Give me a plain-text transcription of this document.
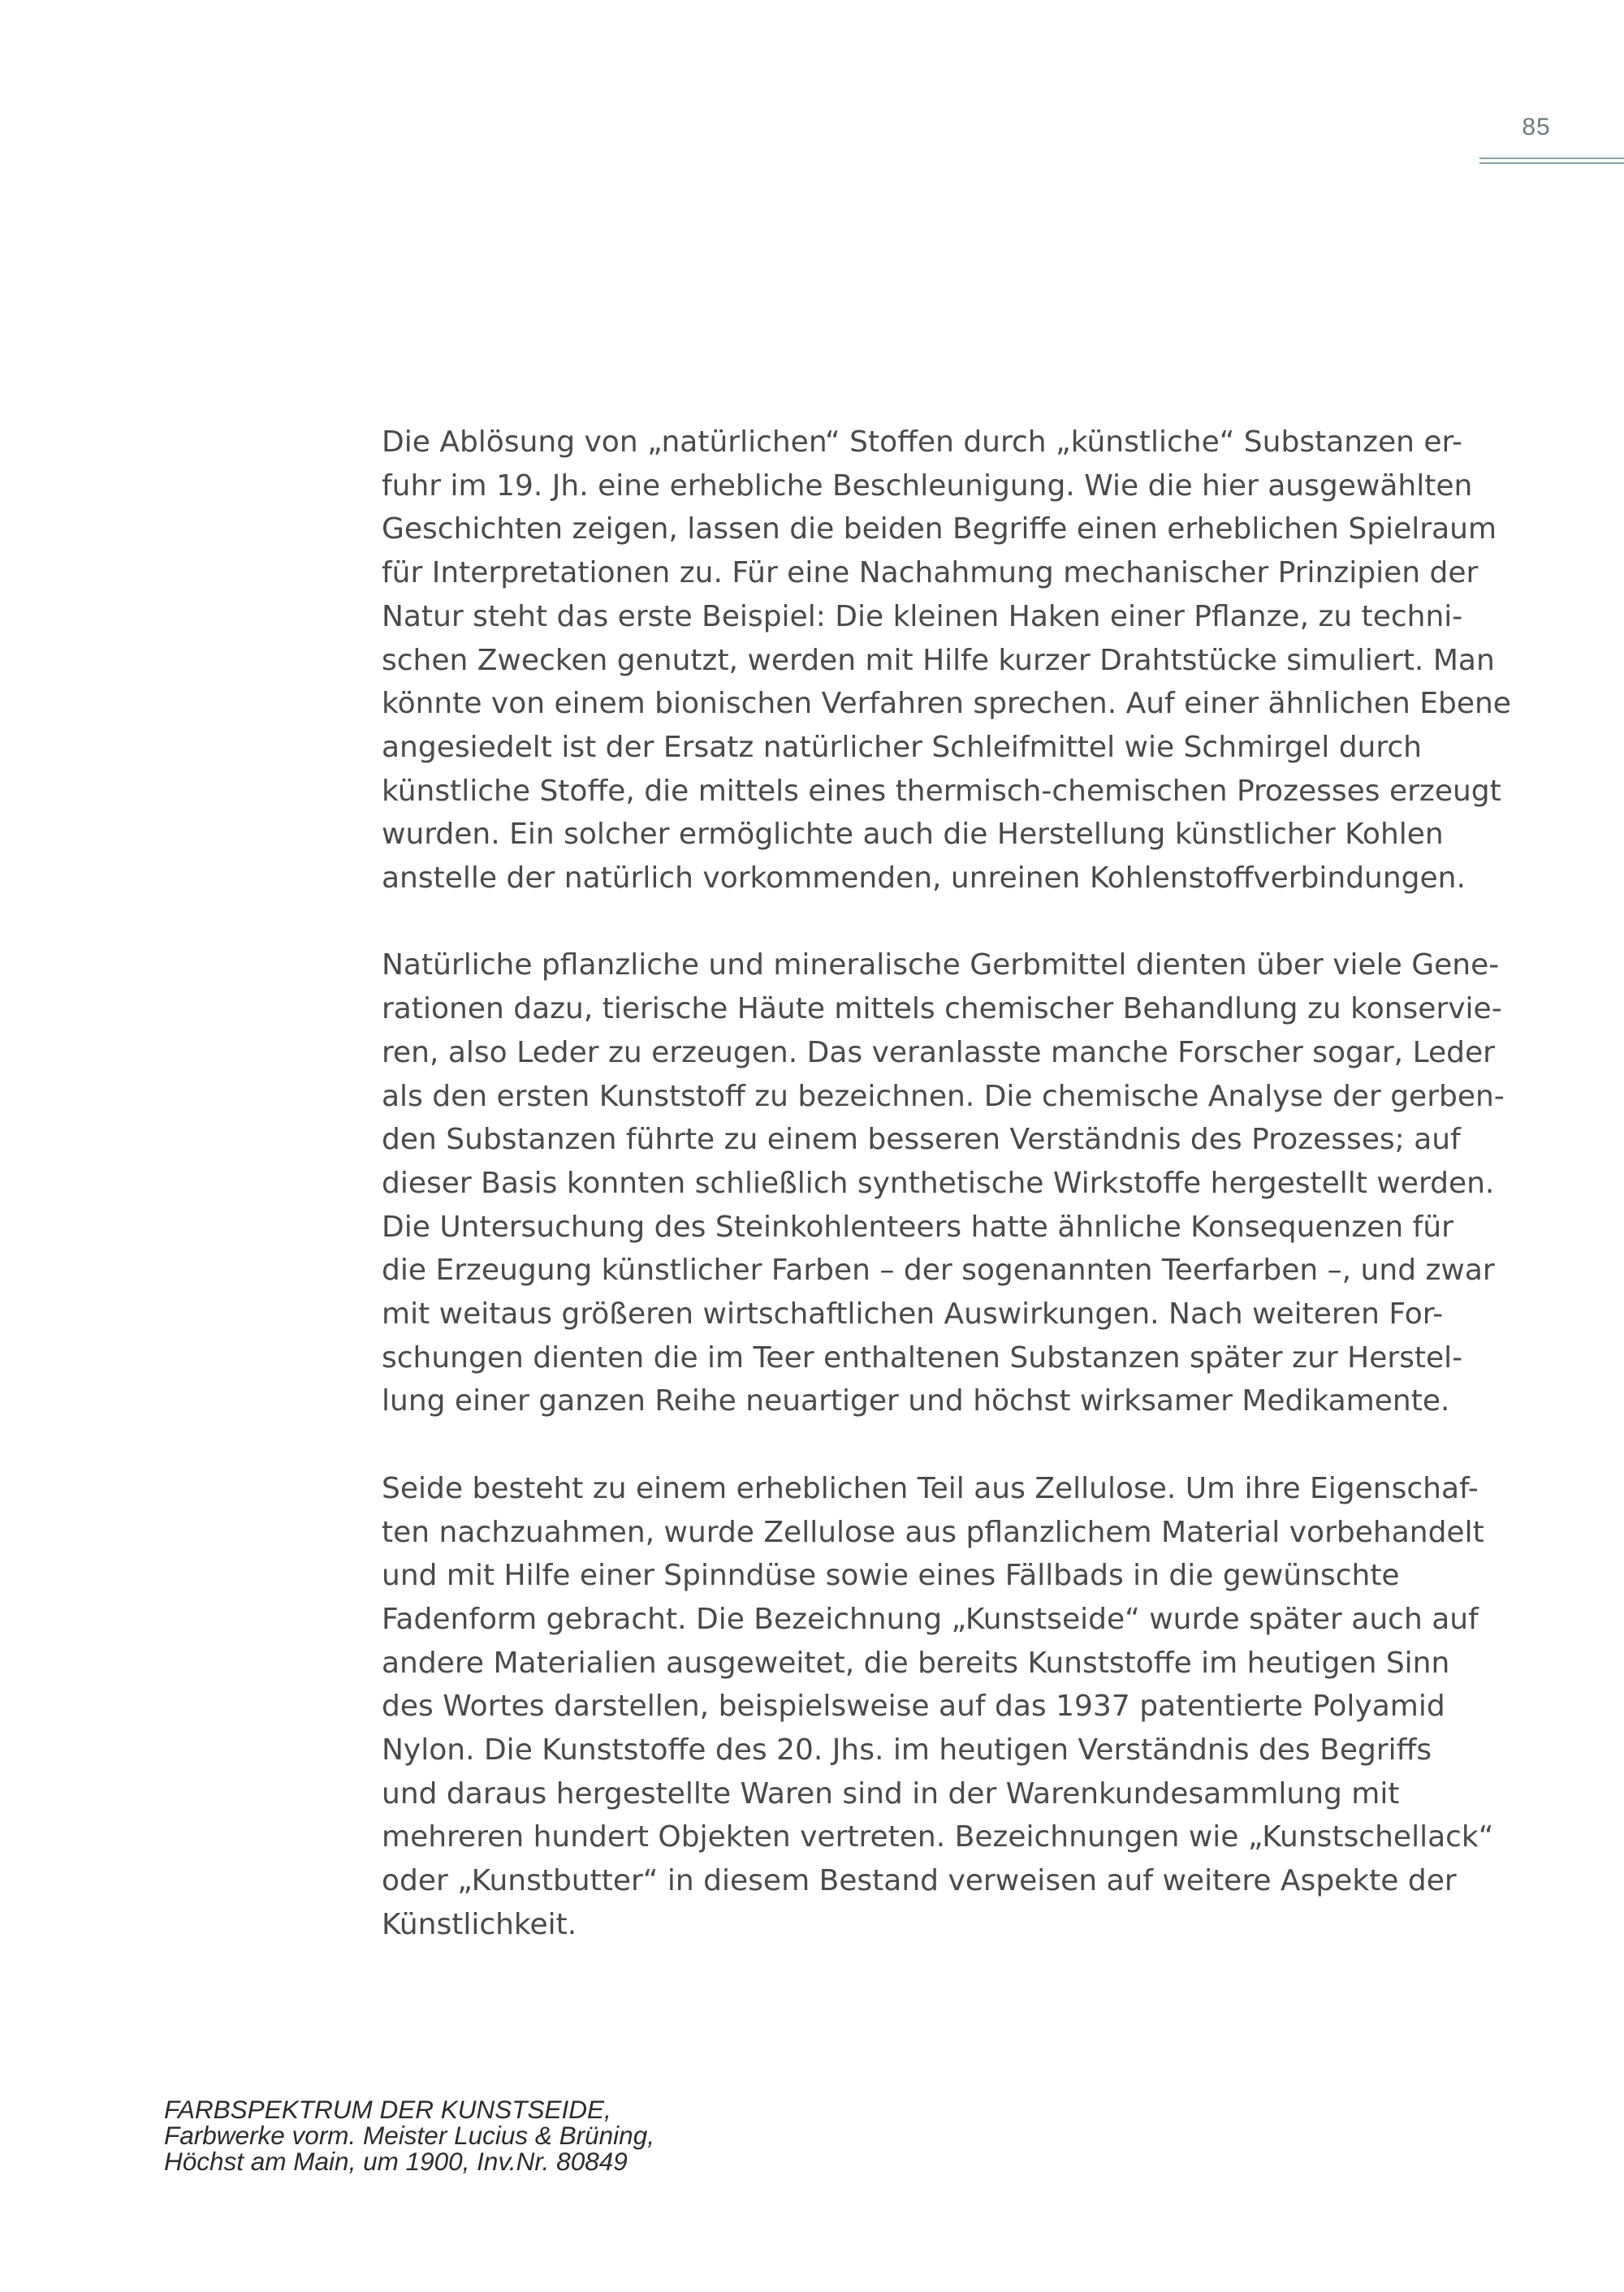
85
Die Ablösung von „natürlichen“ Stoffen durch „künstliche“ Substanzen er-
fuhr im 19. Jh. eine erhebliche Beschleunigung. Wie die hier ausgewählten
Geschichten zeigen, lassen die beiden Begriffe einen erheblichen Spielraum
für Interpretationen zu. Für eine Nachahmung mechanischer Prinzipien der
Natur steht das erste Beispiel: Die kleinen Haken einer Pflanze, zu techni-
schen Zwecken genutzt, werden mit Hilfe kurzer Drahtstücke simuliert. Man
könnte von einem bionischen Verfahren sprechen. Auf einer ähnlichen Ebene
angesiedelt ist der Ersatz natürlicher Schleifmittel wie Schmirgel durch
künstliche Stoffe, die mittels eines thermisch-chemischen Prozesses erzeugt
wurden. Ein solcher ermöglichte auch die Herstellung künstlicher Kohlen
anstelle der natürlich vorkommenden, unreinen Kohlenstoffverbindungen.
Natürliche pflanzliche und mineralische Gerbmittel dienten über viele Gene-
rationen dazu, tierische Häute mittels chemischer Behandlung zu konservie-
ren, also Leder zu erzeugen. Das veranlasste manche Forscher sogar, Leder
als den ersten Kunststoff zu bezeichnen. Die chemische Analyse der gerben-
den Substanzen führte zu einem besseren Verständnis des Prozesses; auf
dieser Basis konnten schließlich synthetische Wirkstoffe hergestellt werden.
Die Untersuchung des Steinkohlenteers hatte ähnliche Konsequenzen für
die Erzeugung künstlicher Farben – der sogenannten Teerfarben –, und zwar
mit weitaus größeren wirtschaftlichen Auswirkungen. Nach weiteren For-
schungen dienten die im Teer enthaltenen Substanzen später zur Herstel-
lung einer ganzen Reihe neuartiger und höchst wirksamer Medikamente.
Seide besteht zu einem erheblichen Teil aus Zellulose. Um ihre Eigenschaf-
ten nachzuahmen, wurde Zellulose aus pflanzlichem Material vorbehandelt
und mit Hilfe einer Spinndüse sowie eines Fällbads in die gewünschte
Fadenform gebracht. Die Bezeichnung „Kunstseide“ wurde später auch auf
andere Materialien ausgeweitet, die bereits Kunststoffe im heutigen Sinn
des Wortes darstellen, beispielsweise auf das 1937 patentierte Polyamid
Nylon. Die Kunststoffe des 20. Jhs. im heutigen Verständnis des Begriffs
und daraus hergestellte Waren sind in der Warenkundesammlung mit
mehreren hundert Objekten vertreten. Bezeichnungen wie „Kunstschellack“
oder „Kunstbutter“ in diesem Bestand verweisen auf weitere Aspekte der
Künstlichkeit.
FARBSPEKTRUM DER KUNSTSEIDE,
Farbwerke vorm. Meister Lucius & Brüning,
Höchst am Main, um 1900, Inv.Nr. 80849
